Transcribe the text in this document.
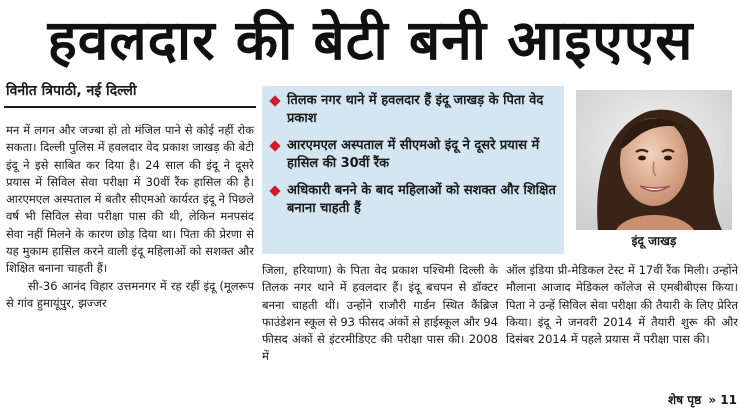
हवलदार की बेटी बनी आइएएस
विनीत त्रिपाठी, नई दिल्ली

मन में लगन और जज्बा हो तो मंजिल पाने से कोई नहीं रोक सकता। दिल्ली पुलिस में हवलदार वेद प्रकाश जाखड़ की बेटी इंदू ने इसे साबित कर दिया है। 24 साल की इंदू ने दूसरे प्रयास में सिविल सेवा परीक्षा में 30वीं रैंक हासिल की है। आरएमएल अस्पताल में बतौर सीएमओ कार्यरत इंदू ने पिछले वर्ष भी सिविल सेवा परीक्षा पास की थी, लेकिन मनपसंद सेवा नहीं मिलने के कारण छोड़ दिया था। पिता की प्रेरणा से यह मुकाम हासिल करने वाली इंदू महिलाओं को सशक्त और शिक्षित बनाना चाहती हैं।

सी-36 आनंद विहार उत्तमनगर में रह रहीं इंदू (मूलरूप से गांव हुमायूंपुर, झज्जर

तिलक नगर थाने में हवलदार हैं इंदू जाखड़ के पिता वेद प्रकाश
आरएमएल अस्पताल में सीएमओ इंदू ने दूसरे प्रयास में हासिल की 30वीं रैंक
अधिकारी बनने के बाद महिलाओं को सशक्त और शिक्षित बनाना चाहती हैं
इंदू जाखड़

जिला, हरियाणा) के पिता वेद प्रकाश पश्चिमी दिल्ली के तिलक नगर थाने में हवलदार हैं। इंदू बचपन से डॉक्टर बनना चाहती थीं। उन्होंने राजौरी गार्डन स्थित कैंब्रिज फाउंडेशन स्कूल से 93 फीसद अंकों से हाईस्कूल और 94 फीसद अंकों से इंटरमीडिएट की परीक्षा पास की। 2008 में

ऑल इंडिया प्री-मेडिकल टेस्ट में 17वीं रैंक मिली। उन्होंने मौलाना आजाद मेडिकल कॉलेज से एमबीबीएस किया। पिता ने उन्हें सिविल सेवा परीक्षा की तैयारी के लिए प्रेरित किया। इंदू ने जनवरी 2014 में तैयारी शुरू की और दिसंबर 2014 में पहले प्रयास में परीक्षा पास की।

शेष पृष्ठ » 11
